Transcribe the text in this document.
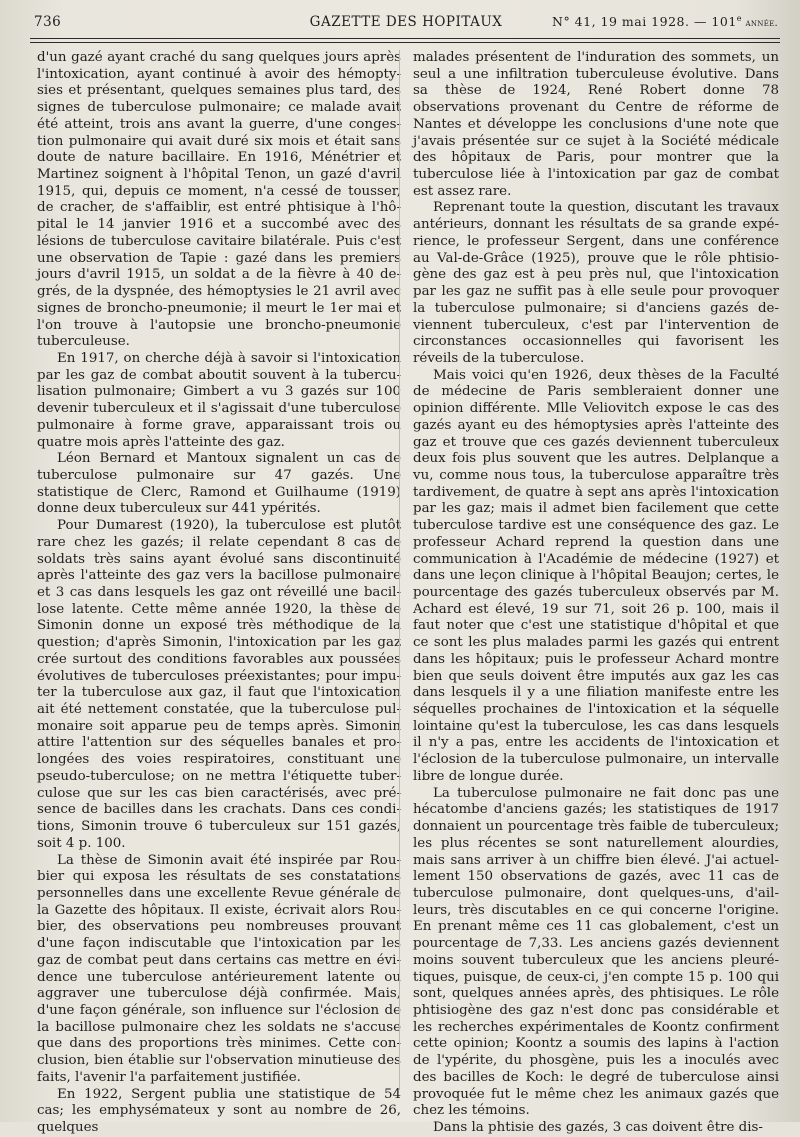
736	GAZETTE DES HOPITAUX	N° 41, 19 mai 1928. — 101e année.

d'un gazé ayant craché du sang quelques jours après l'intoxication, ayant continué à avoir des hémoptysies et présentant, quelques semaines plus tard, des signes de tuberculose pulmonaire; ce malade avait été atteint, trois ans avant la guerre, d'une congestion pulmonaire qui avait duré six mois et était sans doute de nature bacillaire. En 1916, Ménétrier et Martinez soignent à l'hôpital Tenon, un gazé d'avril 1915, qui, depuis ce moment, n'a cessé de tousser, de cracher, de s'affaiblir, est entré phtisique à l'hôpital le 14 janvier 1916 et a succombé avec des lésions de tuberculose cavitaire bilatérale. Puis c'est une observation de Tapie : gazé dans les premiers jours d'avril 1915, un soldat a de la fièvre à 40 degrés, de la dyspnée, des hémoptysies le 21 avril avec signes de broncho-pneumonie; il meurt le 1er mai et l'on trouve à l'autopsie une broncho-pneumonie tuberculeuse.

En 1917, on cherche déjà à savoir si l'intoxication par les gaz de combat aboutit souvent à la tuberculisation pulmonaire; Gimbert a vu 3 gazés sur 100 devenir tuberculeux et il s'agissait d'une tuberculose pulmonaire à forme grave, apparaissant trois ou quatre mois après l'atteinte des gaz.

Léon Bernard et Mantoux signalent un cas de tuberculose pulmonaire sur 47 gazés. Une statistique de Clerc, Ramond et Guilhaume (1919) donne deux tuberculeux sur 441 ypérités.

Pour Dumarest (1920), la tuberculose est plutôt rare chez les gazés; il relate cependant 8 cas de soldats très sains ayant évolué sans discontinuité après l'atteinte des gaz vers la bacillose pulmonaire et 3 cas dans lesquels les gaz ont réveillé une bacillose latente. Cette même année 1920, la thèse de Simonin donne un exposé très méthodique de la question; d'après Simonin, l'intoxication par les gaz crée surtout des conditions favorables aux poussées évolutives de tuberculoses préexistantes; pour imputer la tuberculose aux gaz, il faut que l'intoxication ait été nettement constatée, que la tuberculose pulmonaire soit apparue peu de temps après. Simonin attire l'attention sur des séquelles banales et prolongées des voies respiratoires, constituant une pseudo-tuberculose; on ne mettra l'étiquette tuberculose que sur les cas bien caractérisés, avec présence de bacilles dans les crachats. Dans ces conditions, Simonin trouve 6 tuberculeux sur 151 gazés, soit 4 p. 100.

La thèse de Simonin avait été inspirée par Roubier qui exposa les résultats de ses constatations personnelles dans une excellente Revue générale de la Gazette des hôpitaux. Il existe, écrivait alors Roubier, des observations peu nombreuses prouvant d'une façon indiscutable que l'intoxication par les gaz de combat peut dans certains cas mettre en évidence une tuberculose antérieurement latente ou aggraver une tuberculose déjà confirmée. Mais, d'une façon générale, son influence sur l'éclosion de la bacillose pulmonaire chez les soldats ne s'accuse que dans des proportions très minimes. Cette conclusion, bien établie sur l'observation minutieuse des faits, l'avenir l'a parfaitement justifiée.

En 1922, Sergent publia une statistique de 54 cas; les emphysémateux y sont au nombre de 26, quelques

malades présentent de l'induration des sommets, un seul a une infiltration tuberculeuse évolutive. Dans sa thèse de 1924, René Robert donne 78 observations provenant du Centre de réforme de Nantes et développe les conclusions d'une note que j'avais présentée sur ce sujet à la Société médicale des hôpitaux de Paris, pour montrer que la tuberculose liée à l'intoxication par gaz de combat est assez rare.

Reprenant toute la question, discutant les travaux antérieurs, donnant les résultats de sa grande expérience, le professeur Sergent, dans une conférence au Val-de-Grâce (1925), prouve que le rôle phtisiogène des gaz est à peu près nul, que l'intoxication par les gaz ne suffit pas à elle seule pour provoquer la tuberculose pulmonaire; si d'anciens gazés deviennent tuberculeux, c'est par l'intervention de circonstances occasionnelles qui favorisent les réveils de la tuberculose.

Mais voici qu'en 1926, deux thèses de la Faculté de médecine de Paris sembleraient donner une opinion différente. Mlle Veliovitch expose le cas des gazés ayant eu des hémoptysies après l'atteinte des gaz et trouve que ces gazés deviennent tuberculeux deux fois plus souvent que les autres. Delplanque a vu, comme nous tous, la tuberculose apparaître très tardivement, de quatre à sept ans après l'intoxication par les gaz; mais il admet bien facilement que cette tuberculose tardive est une conséquence des gaz. Le professeur Achard reprend la question dans une communication à l'Académie de médecine (1927) et dans une leçon clinique à l'hôpital Beaujon; certes, le pourcentage des gazés tuberculeux observés par M. Achard est élevé, 19 sur 71, soit 26 p. 100, mais il faut noter que c'est une statistique d'hôpital et que ce sont les plus malades parmi les gazés qui entrent dans les hôpitaux; puis le professeur Achard montre bien que seuls doivent être imputés aux gaz les cas dans lesquels il y a une filiation manifeste entre les séquelles prochaines de l'intoxication et la séquelle lointaine qu'est la tuberculose, les cas dans lesquels il n'y a pas, entre les accidents de l'intoxication et l'éclosion de la tuberculose pulmonaire, un intervalle libre de longue durée.

La tuberculose pulmonaire ne fait donc pas une hécatombe d'anciens gazés; les statistiques de 1917 donnaient un pourcentage très faible de tuberculeux; les plus récentes se sont naturellement alourdies, mais sans arriver à un chiffre bien élevé. J'ai actuellement 150 observations de gazés, avec 11 cas de tuberculose pulmonaire, dont quelques-uns, d'ailleurs, très discutables en ce qui concerne l'origine. En prenant même ces 11 cas globalement, c'est un pourcentage de 7,33. Les anciens gazés deviennent moins souvent tuberculeux que les anciens pleurétiques, puisque, de ceux-ci, j'en compte 15 p. 100 qui sont, quelques années après, des phtisiques. Le rôle phtisiogène des gaz n'est donc pas considérable et les recherches expérimentales de Koontz confirment cette opinion; Koontz a soumis des lapins à l'action de l'ypérite, du phosgène, puis les a inoculés avec des bacilles de Koch: le degré de tuberculose ainsi provoquée fut le même chez les animaux gazés que chez les témoins.

Dans la phtisie des gazés, 3 cas doivent être dis-
